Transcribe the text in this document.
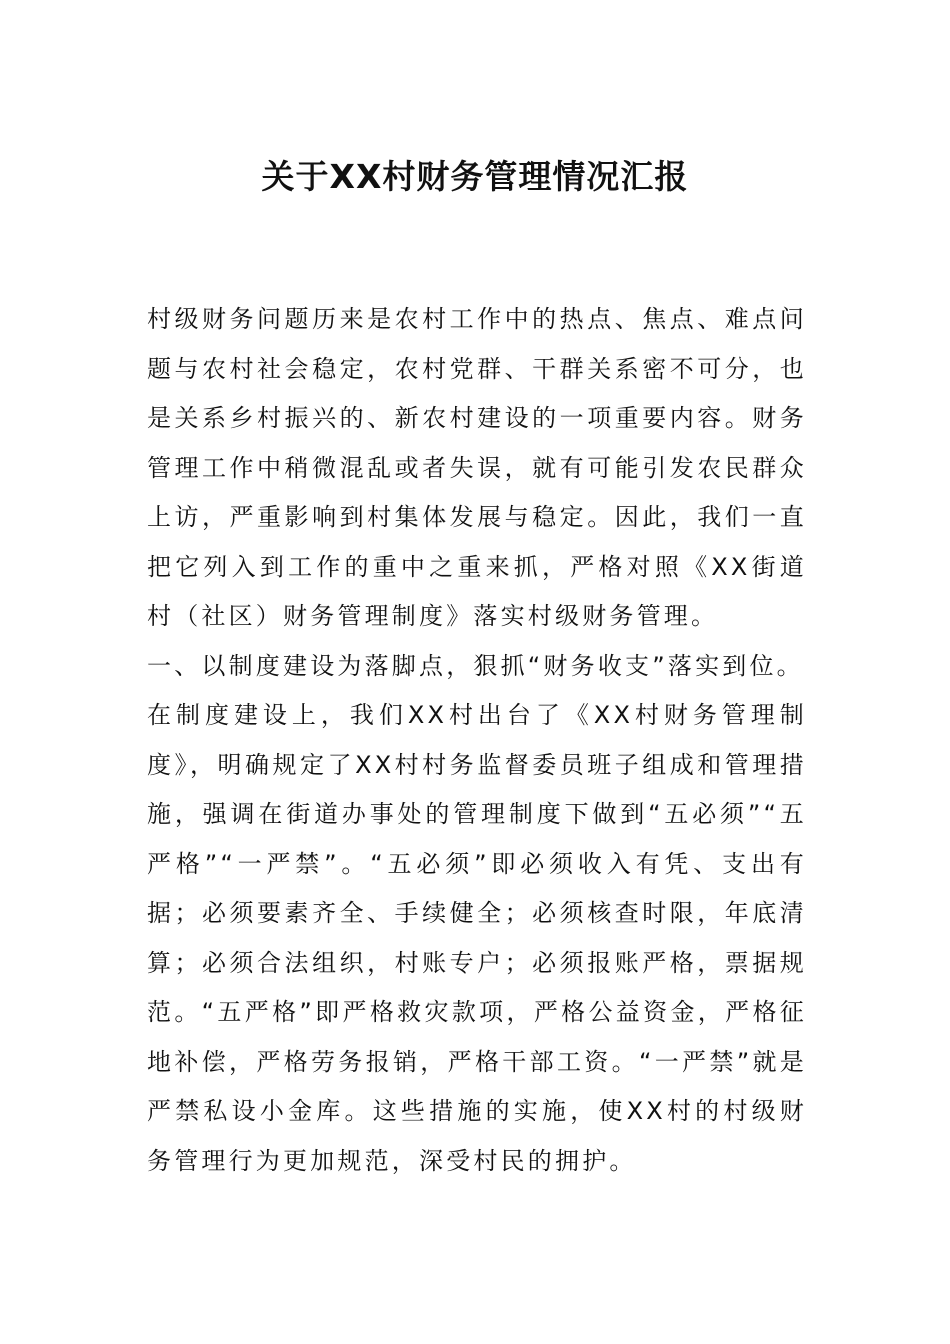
关于XX村财务管理情况汇报

村级财务问题历来是农村工作中的热点、焦点、难点问题与农村社会稳定，农村党群、干群关系密不可分，也是关系乡村振兴的、新农村建设的一项重要内容。财务管理工作中稍微混乱或者失误，就有可能引发农民群众上访，严重影响到村集体发展与稳定。因此，我们一直把它列入到工作的重中之重来抓，严格对照《XX街道村（社区）财务管理制度》落实村级财务管理。

一、以制度建设为落脚点，狠抓“财务收支”落实到位。

在制度建设上，我们XX村出台了《XX村财务管理制度》，明确规定了XX村村务监督委员班子组成和管理措施，强调在街道办事处的管理制度下做到“五必须”“五严格”“一严禁”。“五必须”即必须收入有凭、支出有据；必须要素齐全、手续健全；必须核查时限，年底清算；必须合法组织，村账专户；必须报账严格，票据规范。“五严格”即严格救灾款项，严格公益资金，严格征地补偿，严格劳务报销，严格干部工资。“一严禁”就是严禁私设小金库。这些措施的实施，使XX村的村级财务管理行为更加规范，深受村民的拥护。
